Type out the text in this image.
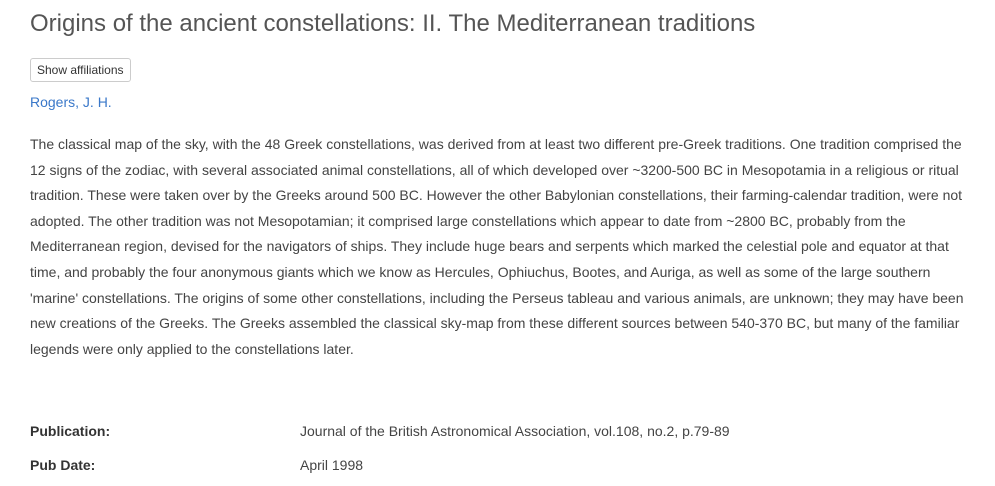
Origins of the ancient constellations: II. The Mediterranean traditions
Show affiliations
Rogers, J. H.

The classical map of the sky, with the 48 Greek constellations, was derived from at least two different pre-Greek traditions. One tradition comprised the 12 signs of the zodiac, with several associated animal constellations, all of which developed over ~3200-500 BC in Mesopotamia in a religious or ritual tradition. These were taken over by the Greeks around 500 BC. However the other Babylonian constellations, their farming-calendar tradition, were not adopted. The other tradition was not Mesopotamian; it comprised large constellations which appear to date from ~2800 BC, probably from the Mediterranean region, devised for the navigators of ships. They include huge bears and serpents which marked the celestial pole and equator at that time, and probably the four anonymous giants which we know as Hercules, Ophiuchus, Bootes, and Auriga, as well as some of the large southern 'marine' constellations. The origins of some other constellations, including the Perseus tableau and various animals, are unknown; they may have been new creations of the Greeks. The Greeks assembled the classical sky-map from these different sources between 540-370 BC, but many of the familiar legends were only applied to the constellations later.

Publication:	Journal of the British Astronomical Association, vol.108, no.2, p.79-89
Pub Date:	April 1998
